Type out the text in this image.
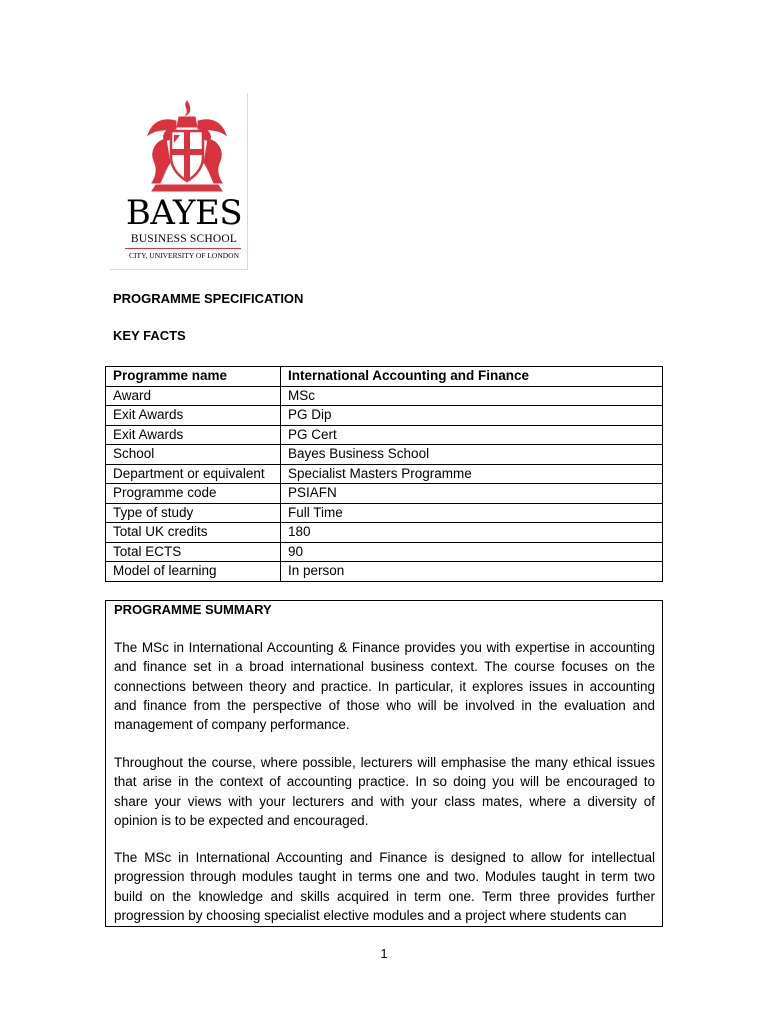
BAYES
BUSINESS SCHOOL
CITY, UNIVERSITY OF LONDON
PROGRAMME SPECIFICATION
KEY FACTS
Programme name	International Accounting and Finance
Award	MSc
Exit Awards	PG Dip
Exit Awards	PG Cert
School	Bayes Business School
Department or equivalent	Specialist Masters Programme
Programme code	PSIAFN
Type of study	Full Time
Total UK credits	180
Total ECTS	90
Model of learning	In person
PROGRAMME SUMMARY
The MSc in International Accounting & Finance provides you with expertise in accounting and finance set in a broad international business context. The course focuses on the connections between theory and practice. In particular, it explores issues in accounting and finance from the perspective of those who will be involved in the evaluation and management of company performance.
Throughout the course, where possible, lecturers will emphasise the many ethical issues that arise in the context of accounting practice. In so doing you will be encouraged to share your views with your lecturers and with your class mates, where a diversity of opinion is to be expected and encouraged.
The MSc in International Accounting and Finance is designed to allow for intellectual progression through modules taught in terms one and two. Modules taught in term two build on the knowledge and skills acquired in term one. Term three provides further progression by choosing specialist elective modules and a project where students can
1
